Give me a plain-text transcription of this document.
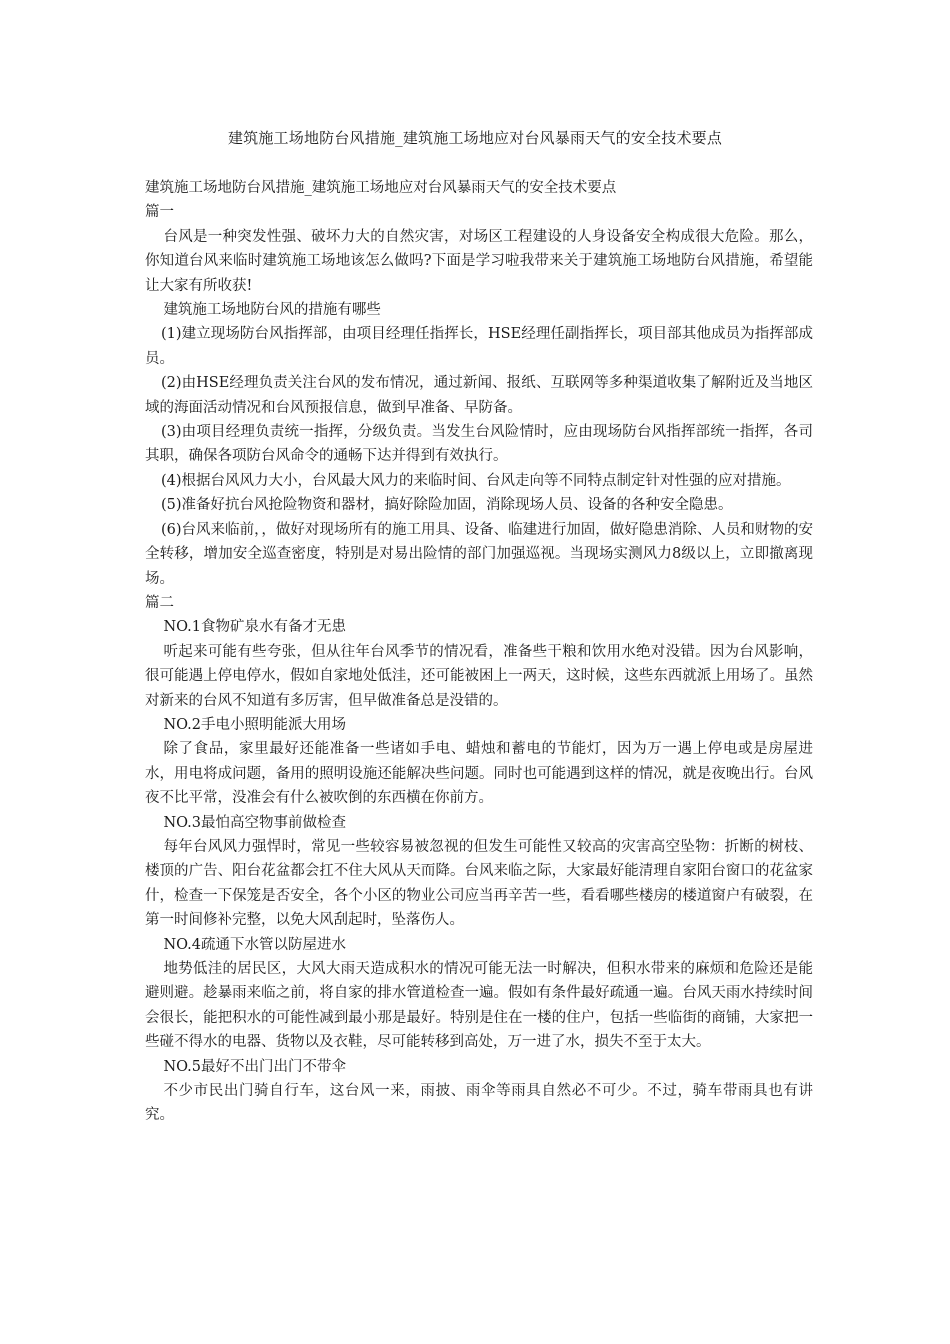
建筑施工场地防台风措施_建筑施工场地应对台风暴雨天气的安全技术要点

建筑施工场地防台风措施_建筑施工场地应对台风暴雨天气的安全技术要点

篇一

台风是一种突发性强、破坏力大的自然灾害，对场区工程建设的人身设备安全构成很大危险。那么，你知道台风来临时建筑施工场地该怎么做吗?下面是学习啦我带来关于建筑施工场地防台风措施，希望能让大家有所收获!

建筑施工场地防台风的措施有哪些

(1)建立现场防台风指挥部，由项目经理任指挥长，HSE经理任副指挥长，项目部其他成员为指挥部成员。

(2)由HSE经理负责关注台风的发布情况，通过新闻、报纸、互联网等多种渠道收集了解附近及当地区域的海面活动情况和台风预报信息，做到早准备、早防备。

(3)由项目经理负责统一指挥，分级负责。当发生台风险情时，应由现场防台风指挥部统一指挥，各司其职，确保各项防台风命令的通畅下达并得到有效执行。

(4)根据台风风力大小，台风最大风力的来临时间、台风走向等不同特点制定针对性强的应对措施。

(5)准备好抗台风抢险物资和器材，搞好除险加固，消除现场人员、设备的各种安全隐患。

(6)台风来临前，，做好对现场所有的施工用具、设备、临建进行加固，做好隐患消除、人员和财物的安全转移，增加安全巡查密度，特别是对易出险情的部门加强巡视。当现场实测风力8级以上，立即撤离现场。

篇二

NO.1食物矿泉水有备才无患

听起来可能有些夸张，但从往年台风季节的情况看，准备些干粮和饮用水绝对没错。因为台风影响，很可能遇上停电停水，假如自家地处低洼，还可能被困上一两天，这时候，这些东西就派上用场了。虽然对新来的台风不知道有多厉害，但早做准备总是没错的。

NO.2手电小照明能派大用场

除了食品，家里最好还能准备一些诸如手电、蜡烛和蓄电的节能灯，因为万一遇上停电或是房屋进水，用电将成问题，备用的照明设施还能解决些问题。同时也可能遇到这样的情况，就是夜晚出行。台风夜不比平常，没准会有什么被吹倒的东西横在你前方。

NO.3最怕高空物事前做检查

每年台风风力强悍时，常见一些较容易被忽视的但发生可能性又较高的灾害高空坠物：折断的树枝、楼顶的广告、阳台花盆都会扛不住大风从天而降。台风来临之际，大家最好能清理自家阳台窗口的花盆家什，检查一下保笼是否安全，各个小区的物业公司应当再辛苦一些，看看哪些楼房的楼道窗户有破裂，在第一时间修补完整，以免大风刮起时，坠落伤人。

NO.4疏通下水管以防屋进水

地势低洼的居民区，大风大雨天造成积水的情况可能无法一时解决，但积水带来的麻烦和危险还是能避则避。趁暴雨来临之前，将自家的排水管道检查一遍。假如有条件最好疏通一遍。台风天雨水持续时间会很长，能把积水的可能性减到最小那是最好。特别是住在一楼的住户，包括一些临街的商铺，大家把一些碰不得水的电器、货物以及衣鞋，尽可能转移到高处，万一进了水，损失不至于太大。

NO.5最好不出门出门不带伞

不少市民出门骑自行车，这台风一来，雨披、雨伞等雨具自然必不可少。不过，骑车带雨具也有讲究。
